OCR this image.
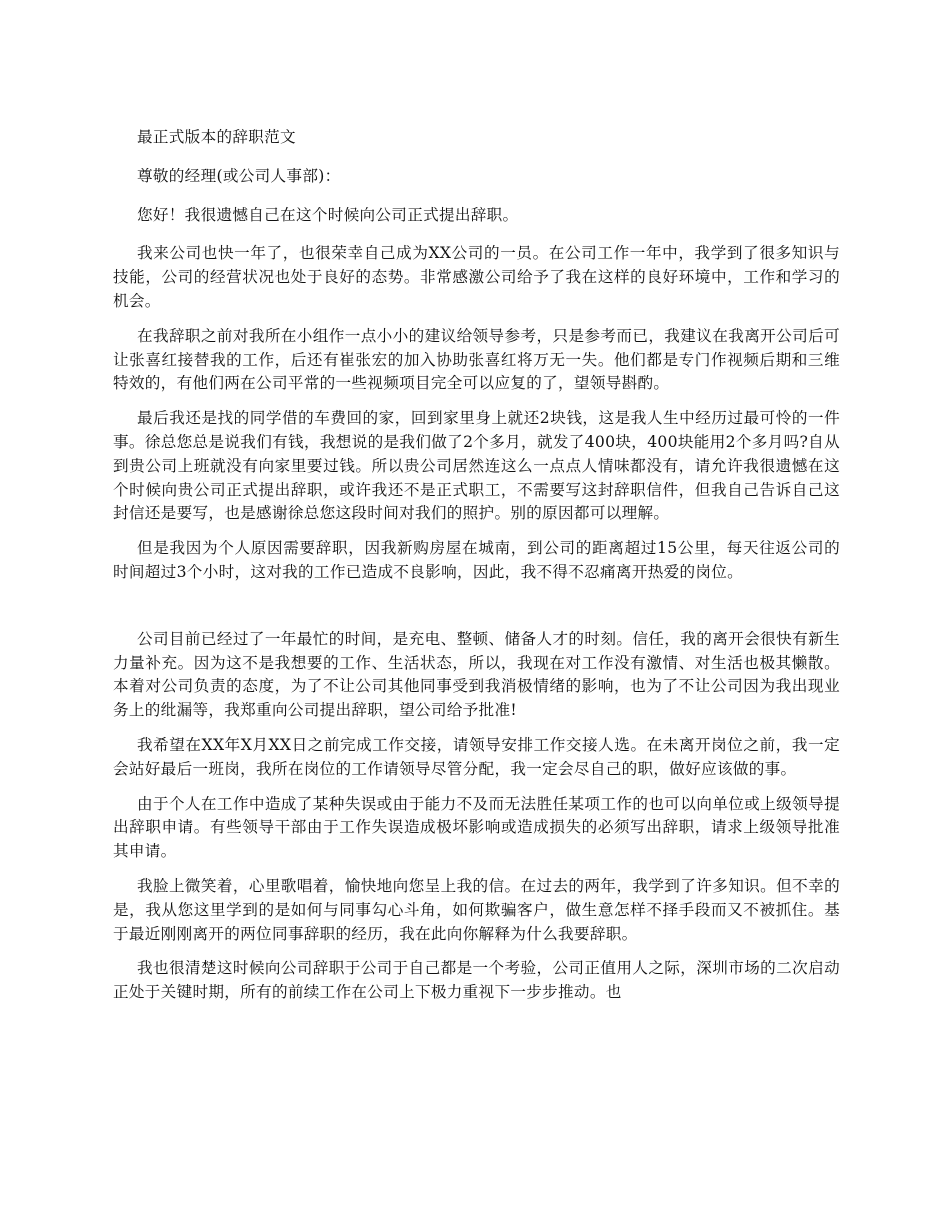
最正式版本的辞职范文

尊敬的经理(或公司人事部)：

您好！我很遗憾自己在这个时候向公司正式提出辞职。

我来公司也快一年了，也很荣幸自己成为XX公司的一员。在公司工作一年中，我学到了很多知识与技能，公司的经营状况也处于良好的态势。非常感激公司给予了我在这样的良好环境中，工作和学习的机会。

在我辞职之前对我所在小组作一点小小的建议给领导参考，只是参考而已，我建议在我离开公司后可让张喜红接替我的工作，后还有崔张宏的加入协助张喜红将万无一失。他们都是专门作视频后期和三维特效的，有他们两在公司平常的一些视频项目完全可以应复的了，望领导斟酌。

最后我还是找的同学借的车费回的家，回到家里身上就还2块钱，这是我人生中经历过最可怜的一件事。徐总您总是说我们有钱，我想说的是我们做了2个多月，就发了400块，400块能用2个多月吗?自从到贵公司上班就没有向家里要过钱。所以贵公司居然连这么一点点人情味都没有，请允许我很遗憾在这个时候向贵公司正式提出辞职，或许我还不是正式职工，不需要写这封辞职信件，但我自己告诉自己这封信还是要写，也是感谢徐总您这段时间对我们的照护。别的原因都可以理解。

但是我因为个人原因需要辞职，因我新购房屋在城南，到公司的距离超过15公里，每天往返公司的时间超过3个小时，这对我的工作已造成不良影响，因此，我不得不忍痛离开热爱的岗位。

公司目前已经过了一年最忙的时间，是充电、整顿、储备人才的时刻。信任，我的离开会很快有新生力量补充。因为这不是我想要的工作、生活状态，所以，我现在对工作没有激情、对生活也极其懒散。本着对公司负责的态度，为了不让公司其他同事受到我消极情绪的影响，也为了不让公司因为我出现业务上的纰漏等，我郑重向公司提出辞职，望公司给予批准!

我希望在XX年X月XX日之前完成工作交接，请领导安排工作交接人选。在未离开岗位之前，我一定会站好最后一班岗，我所在岗位的工作请领导尽管分配，我一定会尽自己的职，做好应该做的事。

由于个人在工作中造成了某种失误或由于能力不及而无法胜任某项工作的也可以向单位或上级领导提出辞职申请。有些领导干部由于工作失误造成极坏影响或造成损失的必须写出辞职，请求上级领导批准其申请。

我脸上微笑着，心里歌唱着，愉快地向您呈上我的信。在过去的两年，我学到了许多知识。但不幸的是，我从您这里学到的是如何与同事勾心斗角，如何欺骗客户，做生意怎样不择手段而又不被抓住。基于最近刚刚离开的两位同事辞职的经历，我在此向你解释为什么我要辞职。

我也很清楚这时候向公司辞职于公司于自己都是一个考验，公司正值用人之际，深圳市场的二次启动正处于关键时期，所有的前续工作在公司上下极力重视下一步步推动。也
